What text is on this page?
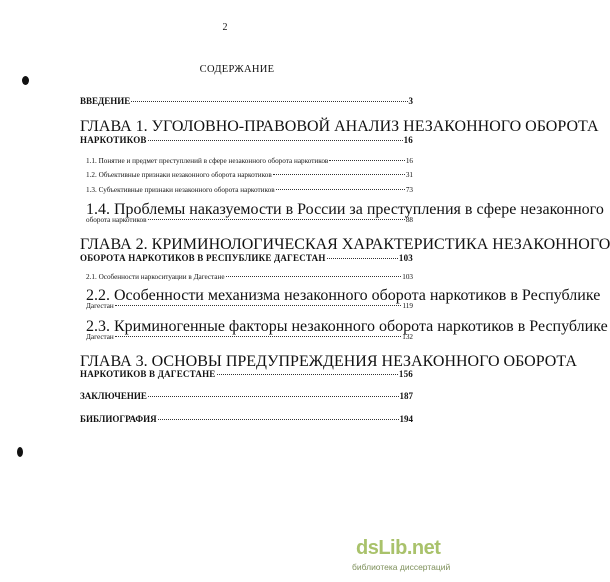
2
СОДЕРЖАНИЕ
ВВЕДЕНИЕ	3
ГЛАВА 1. УГОЛОВНО-ПРАВОВОЙ АНАЛИЗ НЕЗАКОННОГО ОБОРОТА
НАРКОТИКОВ	16
1.1. Понятие и предмет преступлений в сфере незаконного оборота наркотиков	16
1.2. Объективные признаки незаконного оборота наркотиков	31
1.3. Субъективные признаки незаконного оборота наркотиков	73
1.4. Проблемы наказуемости в России за преступления в сфере незаконного
оборота наркотиков	88
ГЛАВА 2. КРИМИНОЛОГИЧЕСКАЯ ХАРАКТЕРИСТИКА НЕЗАКОННОГО
ОБОРОТА НАРКОТИКОВ В РЕСПУБЛИКЕ ДАГЕСТАН	103
2.1. Особенности наркоситуации в Дагестане	103
2.2. Особенности механизма незаконного оборота наркотиков в Республике
Дагестан	119
2.3. Криминогенные факторы незаконного оборота наркотиков в Республике
Дагестан	132
ГЛАВА 3. ОСНОВЫ ПРЕДУПРЕЖДЕНИЯ НЕЗАКОННОГО ОБОРОТА
НАРКОТИКОВ В ДАГЕСТАНЕ	156
ЗАКЛЮЧЕНИЕ	187
БИБЛИОГРАФИЯ	194
dsLib.net
библиотека диссертаций
